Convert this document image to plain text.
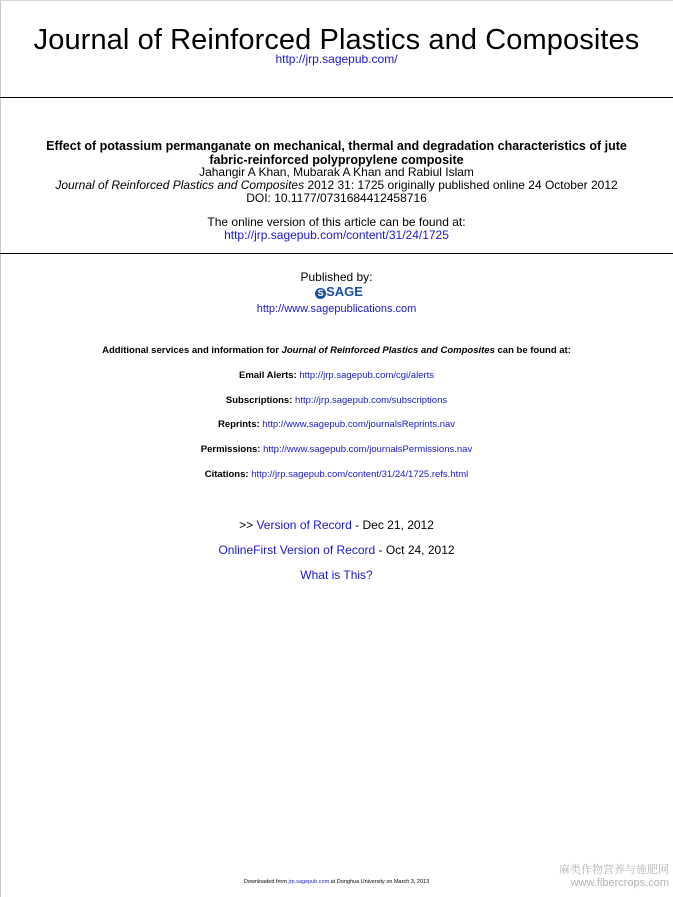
Journal of Reinforced Plastics and Composites
http://jrp.sagepub.com/
Effect of potassium permanganate on mechanical, thermal and degradation characteristics of jute
fabric-reinforced polypropylene composite
Jahangir A Khan, Mubarak A Khan and Rabiul Islam
Journal of Reinforced Plastics and Composites 2012 31: 1725 originally published online 24 October 2012
DOI: 10.1177/0731684412458716
The online version of this article can be found at:
http://jrp.sagepub.com/content/31/24/1725
Published by:
S SAGE
http://www.sagepublications.com
Additional services and information for Journal of Reinforced Plastics and Composites can be found at:
Email Alerts: http://jrp.sagepub.com/cgi/alerts
Subscriptions: http://jrp.sagepub.com/subscriptions
Reprints: http://www.sagepub.com/journalsReprints.nav
Permissions: http://www.sagepub.com/journalsPermissions.nav
Citations: http://jrp.sagepub.com/content/31/24/1725.refs.html
>> Version of Record - Dec 21, 2012
OnlineFirst Version of Record - Oct 24, 2012
What is This?
Downloaded from jrp.sagepub.com at Donghua University on March 3, 2013
麻类作物营养与施肥网
www.fibercrops.com
